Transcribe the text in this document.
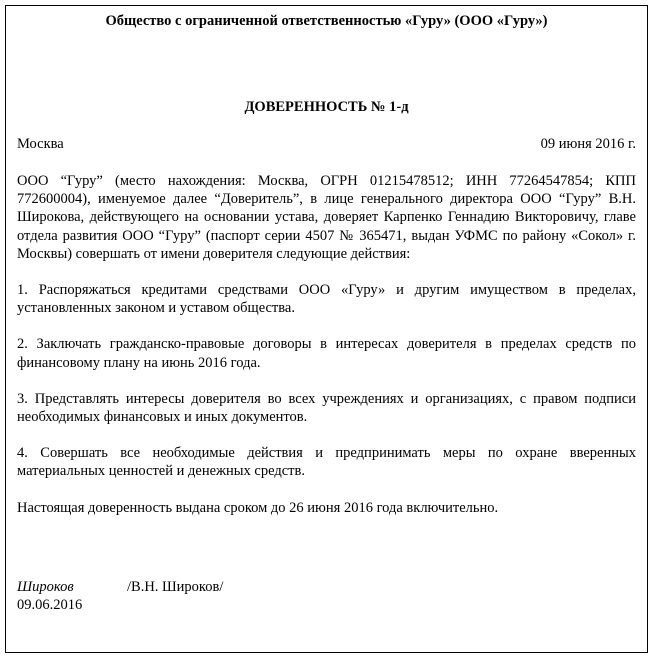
Общество с ограниченной ответственностью «Гуру» (ООО «Гуру»)

ДОВЕРЕННОСТЬ № 1-д

Москва	09 июня 2016 г.

ООО “Гуру” (место нахождения: Москва, ОГРН 01215478512; ИНН 77264547854; КПП 772600004), именуемое далее “Доверитель”, в лице генерального директора ООО “Гуру” В.Н. Широкова, действующего на основании устава, доверяет Карпенко Геннадию Викторовичу, главе отдела развития ООО “Гуру” (паспорт серии 4507 № 365471, выдан УФМС по району «Сокол» г. Москвы) совершать от имени доверителя следующие действия:

1. Распоряжаться кредитами средствами ООО «Гуру» и другим имуществом в пределах, установленных законом и уставом общества.

2. Заключать гражданско-правовые договоры в интересах доверителя в пределах средств по финансовому плану на июнь 2016 года.

3. Представлять интересы доверителя во всех учреждениях и организациях, с правом подписи необходимых финансовых и иных документов.

4. Совершать все необходимые действия и предпринимать меры по охране вверенных материальных ценностей и денежных средств.

Настоящая доверенность выдана сроком до 26 июня 2016 года включительно.

Широков	/В.Н. Широков/
09.06.2016
